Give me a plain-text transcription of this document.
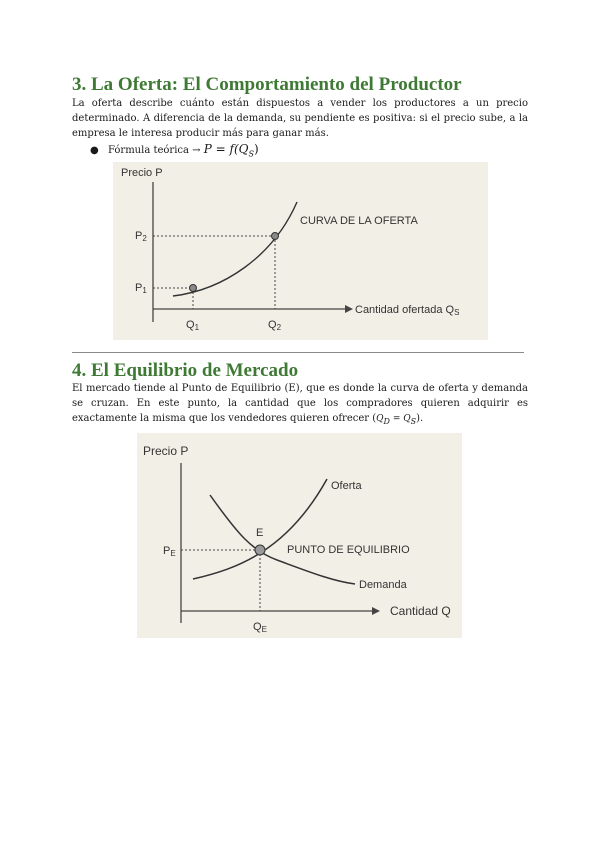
3. La Oferta: El Comportamiento del Productor

La oferta describe cuánto están dispuestos a vender los productores a un precio determinado. A diferencia de la demanda, su pendiente es positiva: si el precio sube, a la empresa le interesa producir más para ganar más.

● Fórmula teórica → $P = f(Q_S)$
Precio P
Cantidad ofertada QS
CURVA DE LA OFERTA
P2
P1
Q1	Q2
4. El Equilibrio de Mercado

El mercado tiende al Punto de Equilibrio (E), que es donde la curva de oferta y demanda se cruzan. En este punto, la cantidad que los compradores quieren adquirir es exactamente la misma que los vendedores quieren ofrecer $(Q_D = Q_S)$.

Precio P
Cantidad Q
Oferta
Demanda
E
PUNTO DE EQUILIBRIO
PE
QE
